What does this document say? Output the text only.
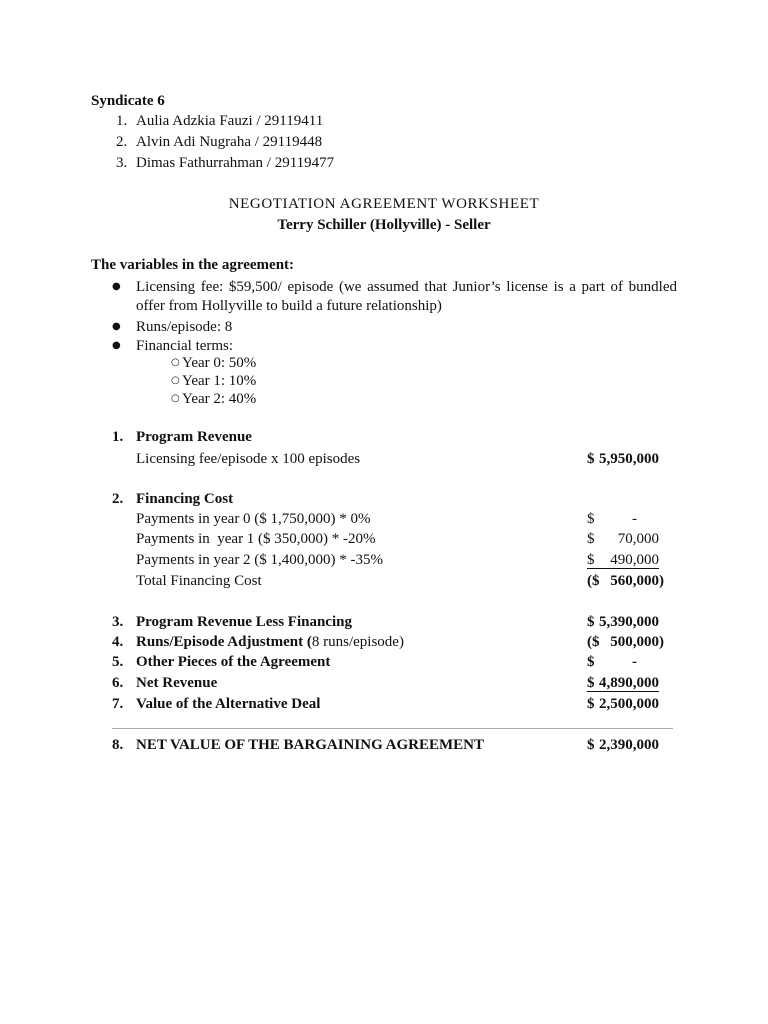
Syndicate 6
1. Aulia Adzkia Fauzi / 29119411
2. Alvin Adi Nugraha / 29119448
3. Dimas Fathurrahman / 29119477
NEGOTIATION AGREEMENT WORKSHEET
Terry Schiller (Hollyville) - Seller
The variables in the agreement:
● Licensing fee: $59,500/ episode (we assumed that Junior’s license is a part of bundled
offer from Hollyville to build a future relationship)
● Runs/episode: 8
● Financial terms:
○ Year 0: 50%
○ Year 1: 10%
○ Year 2: 40%
1. Program Revenue
Licensing fee/episode x 100 episodes	$ 5,950,000
2. Financing Cost
Payments in year 0 ($ 1,750,000) * 0%	$	-
Payments in  year 1 ($ 350,000) * -20%	$ 70,000
Payments in year 2 ($ 1,400,000) * -35%	$ 490,000
Total Financing Cost	($ 560,000)
3. Program Revenue Less Financing	$ 5,390,000
4. Runs/Episode Adjustment (8 runs/episode)	($ 500,000)
5. Other Pieces of the Agreement	$	-
6. Net Revenue	$ 4,890,000
7. Value of the Alternative Deal	$ 2,500,000
8. NET VALUE OF THE BARGAINING AGREEMENT	$ 2,390,000
